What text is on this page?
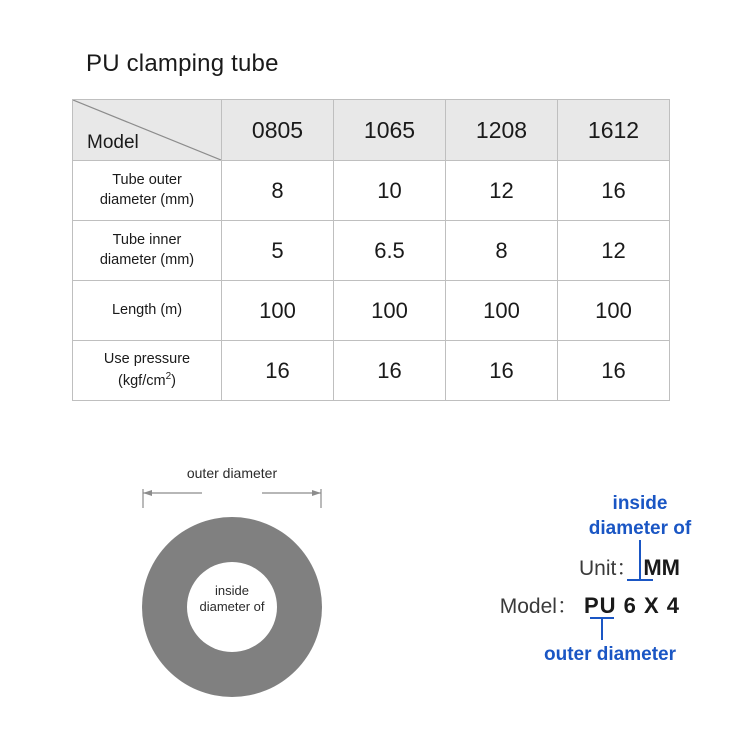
PU clamping tube
Model	0805	1065	1208	1612

Tube outer
diameter (mm)	8	10	12	16

Tube inner
diameter (mm)	5	6.5	8	12

Length (m)	100	100	100	100

Use pressure
$(kgf/cm^2)$	16	16	16	16
outer diameter
inside
diameter of
inside
diameter of
Unit： MM
Model： PU 6 X 4
outer diameter
